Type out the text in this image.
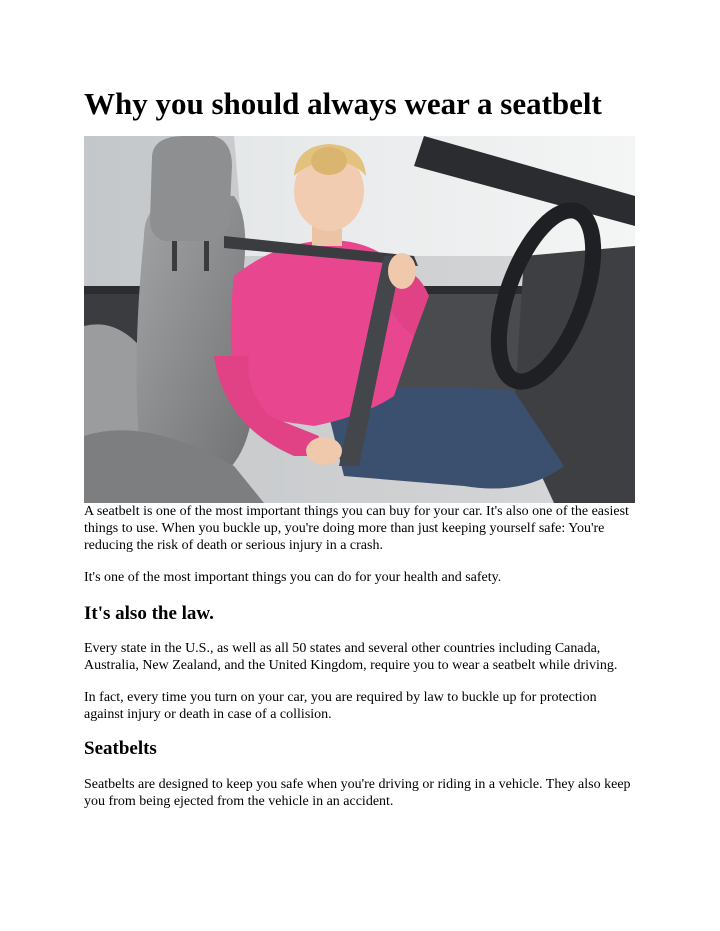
Why you should always wear a seatbelt

A seatbelt is one of the most important things you can buy for your car. It's also one of the easiest things to use. When you buckle up, you're doing more than just keeping yourself safe: You're reducing the risk of death or serious injury in a crash.

It's one of the most important things you can do for your health and safety.

It's also the law.

Every state in the U.S., as well as all 50 states and several other countries including Canada, Australia, New Zealand, and the United Kingdom, require you to wear a seatbelt while driving.

In fact, every time you turn on your car, you are required by law to buckle up for protection against injury or death in case of a collision.

Seatbelts

Seatbelts are designed to keep you safe when you're driving or riding in a vehicle. They also keep you from being ejected from the vehicle in an accident.
